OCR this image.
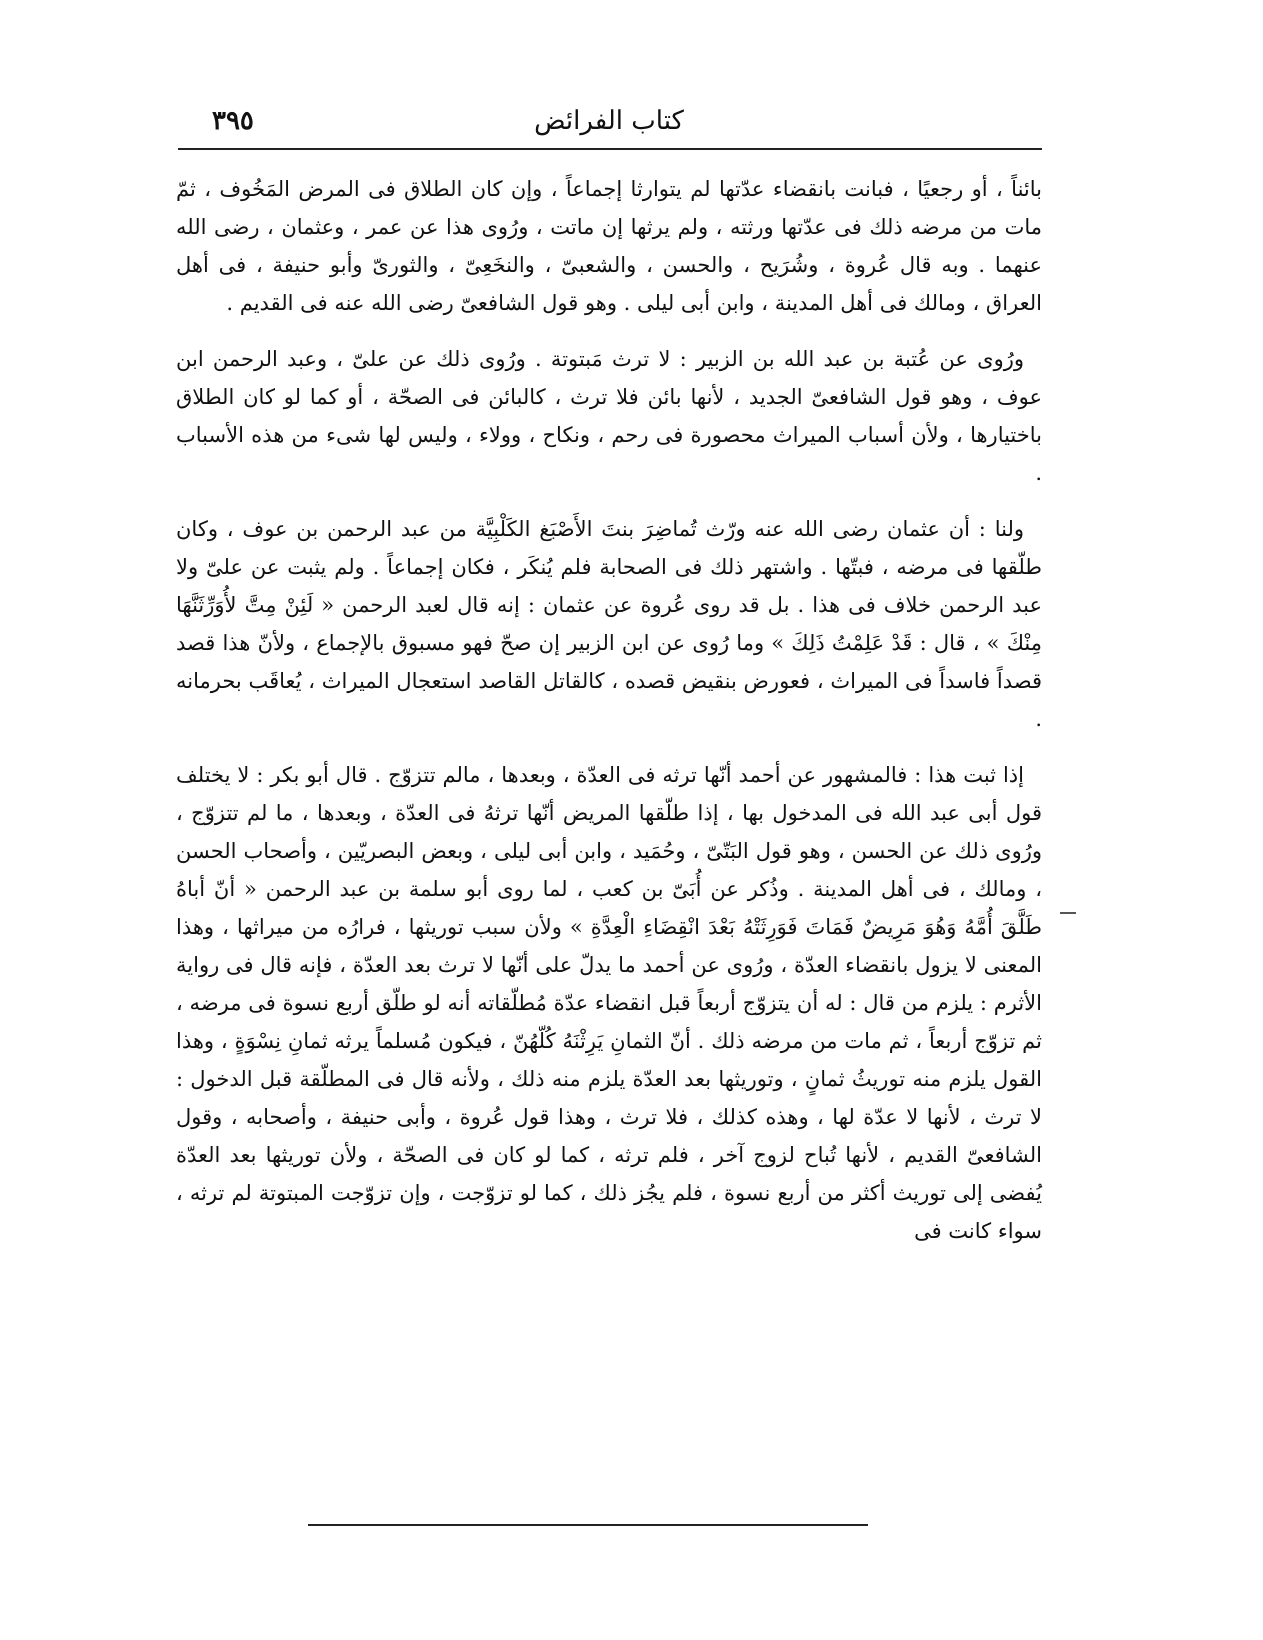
٣٩٥	كتاب الفرائض

بائناً ، أو رجعيًا ، فبانت بانقضاء عدّتها لم يتوارثا إجماعاً ، وإن كان الطلاق فى المرض المَخُوف ، ثمّ مات من مرضه ذلك فى عدّتها ورثته ، ولم يرثها إن ماتت ، ورُوى هذا عن عمر ، وعثمان ، رضى الله عنهما . وبه قال عُروة ، وشُرَيح ، والحسن ، والشعبىّ ، والنخَعِىّ ، والثورىّ وأبو حنيفة ، فى أهل العراق ، ومالك فى أهل المدينة ، وابن أبى ليلى . وهو قول الشافعىّ رضى الله عنه فى القديم .

ورُوى عن عُتبة بن عبد الله بن الزبير : لا ترث مَبتوتة . ورُوى ذلك عن علىّ ، وعبد الرحمن ابن عوف ، وهو قول الشافعىّ الجديد ، لأنها بائن فلا ترث ، كالبائن فى الصحّة ، أو كما لو كان الطلاق باختيارها ، ولأن أسباب الميراث محصورة فى رحم ، ونكاح ، وولاء ، وليس لها شىء من هذه الأسباب .

ولنا : أن عثمان رضى الله عنه ورّث تُماضِرَ بنتَ الأَصْبَغ الكَلْبِيَّة من عبد الرحمن بن عوف ، وكان طلّقها فى مرضه ، فبتّها . واشتهر ذلك فى الصحابة فلم يُنكَر ، فكان إجماعاً . ولم يثبت عن علىّ ولا عبد الرحمن خلاف فى هذا . بل قد روى عُروة عن عثمان : إنه قال لعبد الرحمن « لَئِنْ مِتَّ لأُوَرِّثَنَّهَا مِنْكَ » ، قال : قَدْ عَلِمْتُ ذَلِكَ » وما رُوى عن ابن الزبير إن صحّ فهو مسبوق بالإجماع ، ولأنّ هذا قصد قصداً فاسداً فى الميراث ، فعورض بنقيض قصده ، كالقاتل القاصد استعجال الميراث ، يُعاقَب بحرمانه .

إذا ثبت هذا : فالمشهور عن أحمد أنّها ترثه فى العدّة ، وبعدها ، مالم تتزوّج . قال أبو بكر : لا يختلف قول أبى عبد الله فى المدخول بها ، إذا طلّقها المريض أنّها ترثهُ فى العدّة ، وبعدها ، ما لم تتزوّج ، ورُوى ذلك عن الحسن ، وهو قول البَتّىّ ، وحُمَيد ، وابن أبى ليلى ، وبعض البصريّين ، وأصحاب الحسن ، ومالك ، فى أهل المدينة . وذُكر عن أُبَىّ بن كعب ، لما روى أبو سلمة بن عبد الرحمن « أنّ أباهُ طَلَّقَ أُمَّهُ وَهُوَ مَرِيضٌ فَمَاتَ فَوَرِثَتْهُ بَعْدَ انْقِضَاءِ الْعِدَّةِ » ولأن سبب توريثها ، فرارُه من ميراثها ، وهذا المعنى لا يزول بانقضاء العدّة ، ورُوى عن أحمد ما يدلّ على أنّها لا ترث بعد العدّة ، فإنه قال فى رواية الأثرم : يلزم من قال : له أن يتزوّج أربعاً قبل انقضاء عدّة مُطلّقاته أنه لو طلّق أربع نسوة فى مرضه ، ثم تزوّج أربعاً ، ثم مات من مرضه ذلك . أنّ الثمانِ يَرِثْنَهُ كُلّهُنّ ، فيكون مُسلماً يرثه ثمانِ نِسْوَةٍ ، وهذا القول يلزم منه توريثُ ثمانٍ ، وتوريثها بعد العدّة يلزم منه ذلك ، ولأنه قال فى المطلّقة قبل الدخول : لا ترث ، لأنها لا عدّة لها ، وهذه كذلك ، فلا ترث ، وهذا قول عُروة ، وأبى حنيفة ، وأصحابه ، وقول الشافعىّ القديم ، لأنها تُباح لزوج آخر ، فلم ترثه ، كما لو كان فى الصحّة ، ولأن توريثها بعد العدّة يُفضى إلى توريث أكثر من أربع نسوة ، فلم يجُز ذلك ، كما لو تزوّجت ، وإن تزوّجت المبتوتة لم ترثه ، سواء كانت فى
